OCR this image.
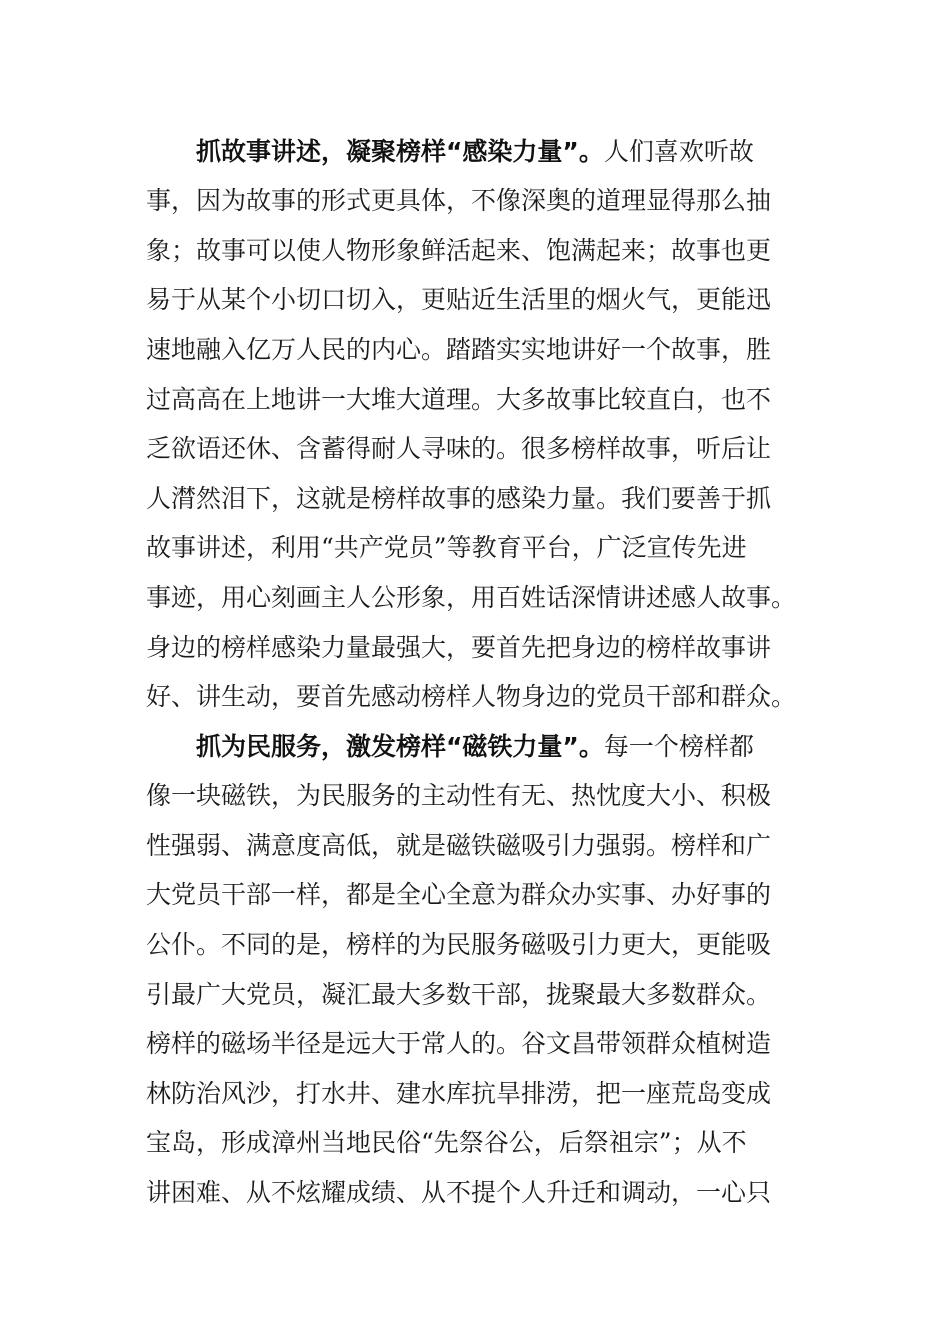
抓故事讲述，凝聚榜样“感染力量”。人们喜欢听故
事，因为故事的形式更具体，不像深奥的道理显得那么抽
象；故事可以使人物形象鲜活起来、饱满起来；故事也更
易于从某个小切口切入，更贴近生活里的烟火气，更能迅
速地融入亿万人民的内心。踏踏实实地讲好一个故事，胜
过高高在上地讲一大堆大道理。大多故事比较直白，也不
乏欲语还休、含蓄得耐人寻味的。很多榜样故事，听后让
人潸然泪下，这就是榜样故事的感染力量。我们要善于抓
故事讲述，利用“共产党员”等教育平台，广泛宣传先进
事迹，用心刻画主人公形象，用百姓话深情讲述感人故事。
身边的榜样感染力量最强大，要首先把身边的榜样故事讲
好、讲生动，要首先感动榜样人物身边的党员干部和群众。
抓为民服务，激发榜样“磁铁力量”。每一个榜样都
像一块磁铁，为民服务的主动性有无、热忱度大小、积极
性强弱、满意度高低，就是磁铁磁吸引力强弱。榜样和广
大党员干部一样，都是全心全意为群众办实事、办好事的
公仆。不同的是，榜样的为民服务磁吸引力更大，更能吸
引最广大党员，凝汇最大多数干部，拢聚最大多数群众。
榜样的磁场半径是远大于常人的。谷文昌带领群众植树造
林防治风沙，打水井、建水库抗旱排涝，把一座荒岛变成
宝岛，形成漳州当地民俗“先祭谷公，后祭祖宗”；从不
讲困难、从不炫耀成绩、从不提个人升迁和调动，一心只
